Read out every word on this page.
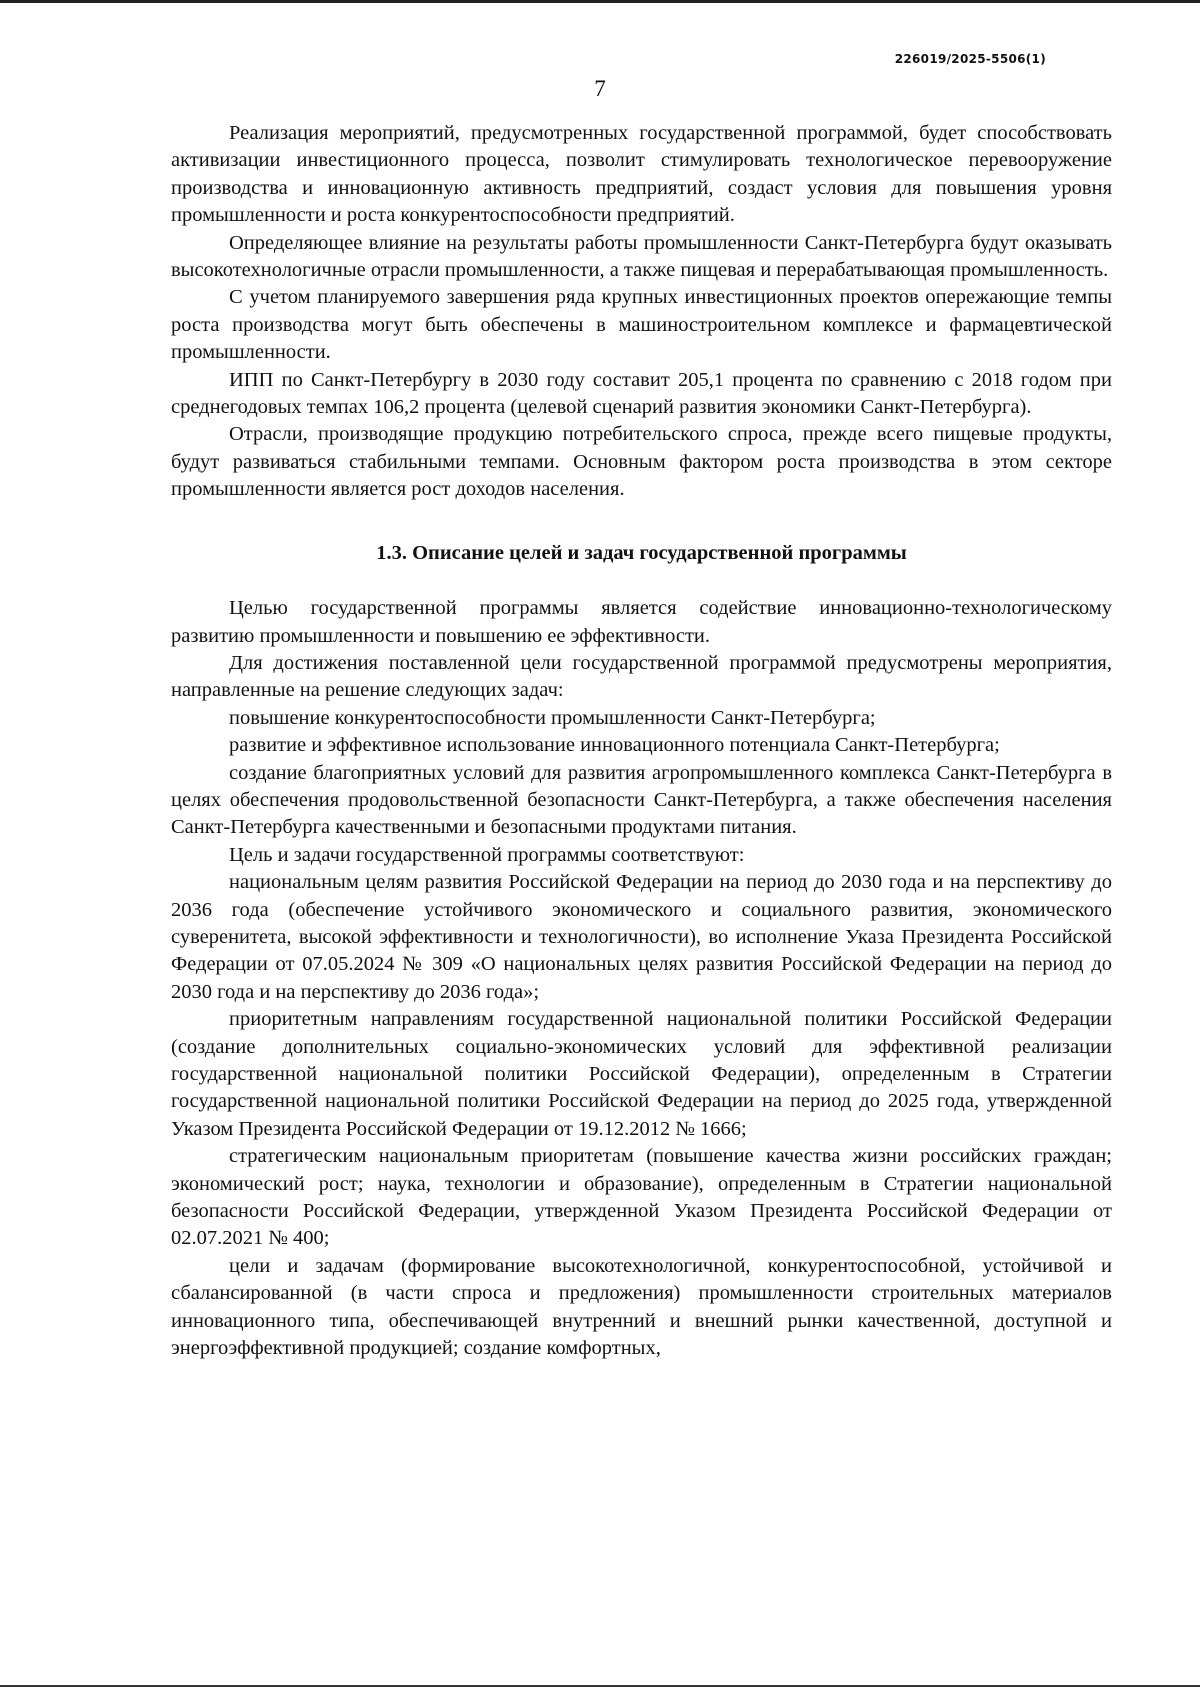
226019/2025-5506(1)
7

Реализация мероприятий, предусмотренных государственной программой, будет способствовать активизации инвестиционного процесса, позволит стимулировать технологическое перевооружение производства и инновационную активность предприятий, создаст условия для повышения уровня промышленности и роста конкурентоспособности предприятий.

Определяющее влияние на результаты работы промышленности Санкт-Петербурга будут оказывать высокотехнологичные отрасли промышленности, а также пищевая и перерабатывающая промышленность.

С учетом планируемого завершения ряда крупных инвестиционных проектов опережающие темпы роста производства могут быть обеспечены в машиностроительном комплексе и фармацевтической промышленности.

ИПП по Санкт-Петербургу в 2030 году составит 205,1 процента по сравнению с 2018 годом при среднегодовых темпах 106,2 процента (целевой сценарий развития экономики Санкт-Петербурга).

Отрасли, производящие продукцию потребительского спроса, прежде всего пищевые продукты, будут развиваться стабильными темпами. Основным фактором роста производства в этом секторе промышленности является рост доходов населения.

1.3. Описание целей и задач государственной программы

Целью государственной программы является содействие инновационно-технологическому развитию промышленности и повышению ее эффективности.

Для достижения поставленной цели государственной программой предусмотрены мероприятия, направленные на решение следующих задач:

повышение конкурентоспособности промышленности Санкт-Петербурга;

развитие и эффективное использование инновационного потенциала Санкт-Петербурга;

создание благоприятных условий для развития агропромышленного комплекса Санкт-Петербурга в целях обеспечения продовольственной безопасности Санкт-Петербурга, а также обеспечения населения Санкт-Петербурга качественными и безопасными продуктами питания.

Цель и задачи государственной программы соответствуют:

национальным целям развития Российской Федерации на период до 2030 года и на перспективу до 2036 года (обеспечение устойчивого экономического и социального развития, экономического суверенитета, высокой эффективности и технологичности), во исполнение Указа Президента Российской Федерации от 07.05.2024 № 309 «О национальных целях развития Российской Федерации на период до 2030 года и на перспективу до 2036 года»;

приоритетным направлениям государственной национальной политики Российской Федерации (создание дополнительных социально-экономических условий для эффективной реализации государственной национальной политики Российской Федерации), определенным в Стратегии государственной национальной политики Российской Федерации на период до 2025 года, утвержденной Указом Президента Российской Федерации от 19.12.2012 № 1666;

стратегическим национальным приоритетам (повышение качества жизни российских граждан; экономический рост; наука, технологии и образование), определенным в Стратегии национальной безопасности Российской Федерации, утвержденной Указом Президента Российской Федерации от 02.07.2021 № 400;

цели и задачам (формирование высокотехнологичной, конкурентоспособной, устойчивой и сбалансированной (в части спроса и предложения) промышленности строительных материалов инновационного типа, обеспечивающей внутренний и внешний рынки качественной, доступной и энергоэффективной продукцией; создание комфортных,
